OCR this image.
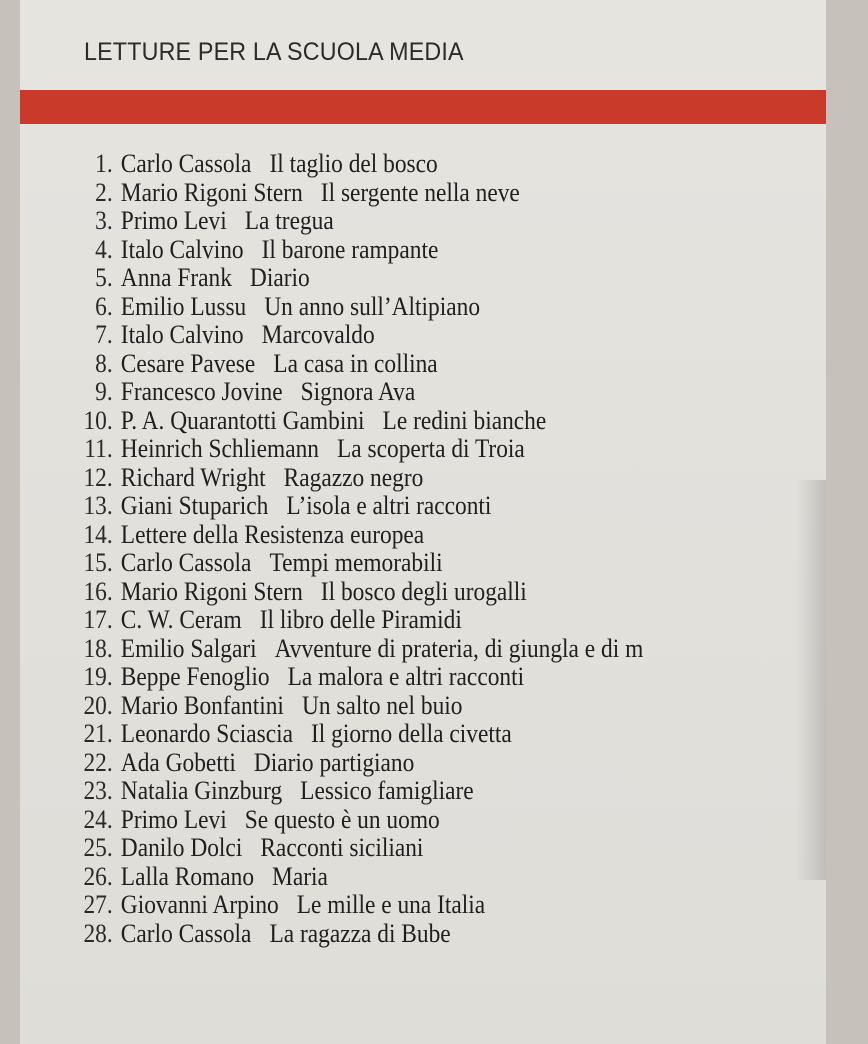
LETTURE PER LA SCUOLA MEDIA
1. Carlo Cassola Il taglio del bosco
2. Mario Rigoni Stern Il sergente nella neve
3. Primo Levi La tregua
4. Italo Calvino Il barone rampante
5. Anna Frank Diario
6. Emilio Lussu Un anno sull’Altipiano
7. Italo Calvino Marcovaldo
8. Cesare Pavese La casa in collina
9. Francesco Jovine Signora Ava
10. P. A. Quarantotti Gambini Le redini bianche
11. Heinrich Schliemann La scoperta di Troia
12. Richard Wright Ragazzo negro
13. Giani Stuparich L’isola e altri racconti
14. Lettere della Resistenza europea
15. Carlo Cassola Tempi memorabili
16. Mario Rigoni Stern Il bosco degli urogalli
17. C. W. Ceram Il libro delle Piramidi
18. Emilio Salgari Avventure di prateria, di giungla e di m
19. Beppe Fenoglio La malora e altri racconti
20. Mario Bonfantini Un salto nel buio
21. Leonardo Sciascia Il giorno della civetta
22. Ada Gobetti Diario partigiano
23. Natalia Ginzburg Lessico famigliare
24. Primo Levi Se questo è un uomo
25. Danilo Dolci Racconti siciliani
26. Lalla Romano Maria
27. Giovanni Arpino Le mille e una Italia
28. Carlo Cassola La ragazza di Bube
